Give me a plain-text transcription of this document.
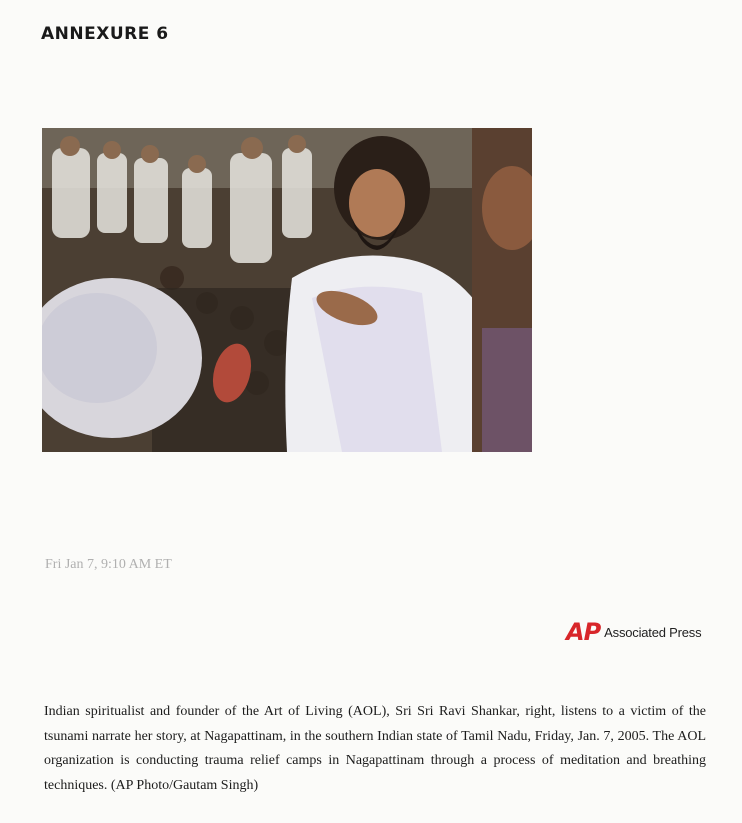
ANNEXURE 6
Fri Jan 7, 9:10 AM ET
AP Associated Press
Indian spiritualist and founder of the Art of Living (AOL), Sri Sri Ravi Shankar, right, listens to a victim of the tsunami narrate her story, at Nagapattinam, in the southern Indian state of Tamil Nadu, Friday, Jan. 7, 2005. The AOL organization is conducting trauma relief camps in Nagapattinam through a process of meditation and breathing techniques. (AP Photo/Gautam Singh)
